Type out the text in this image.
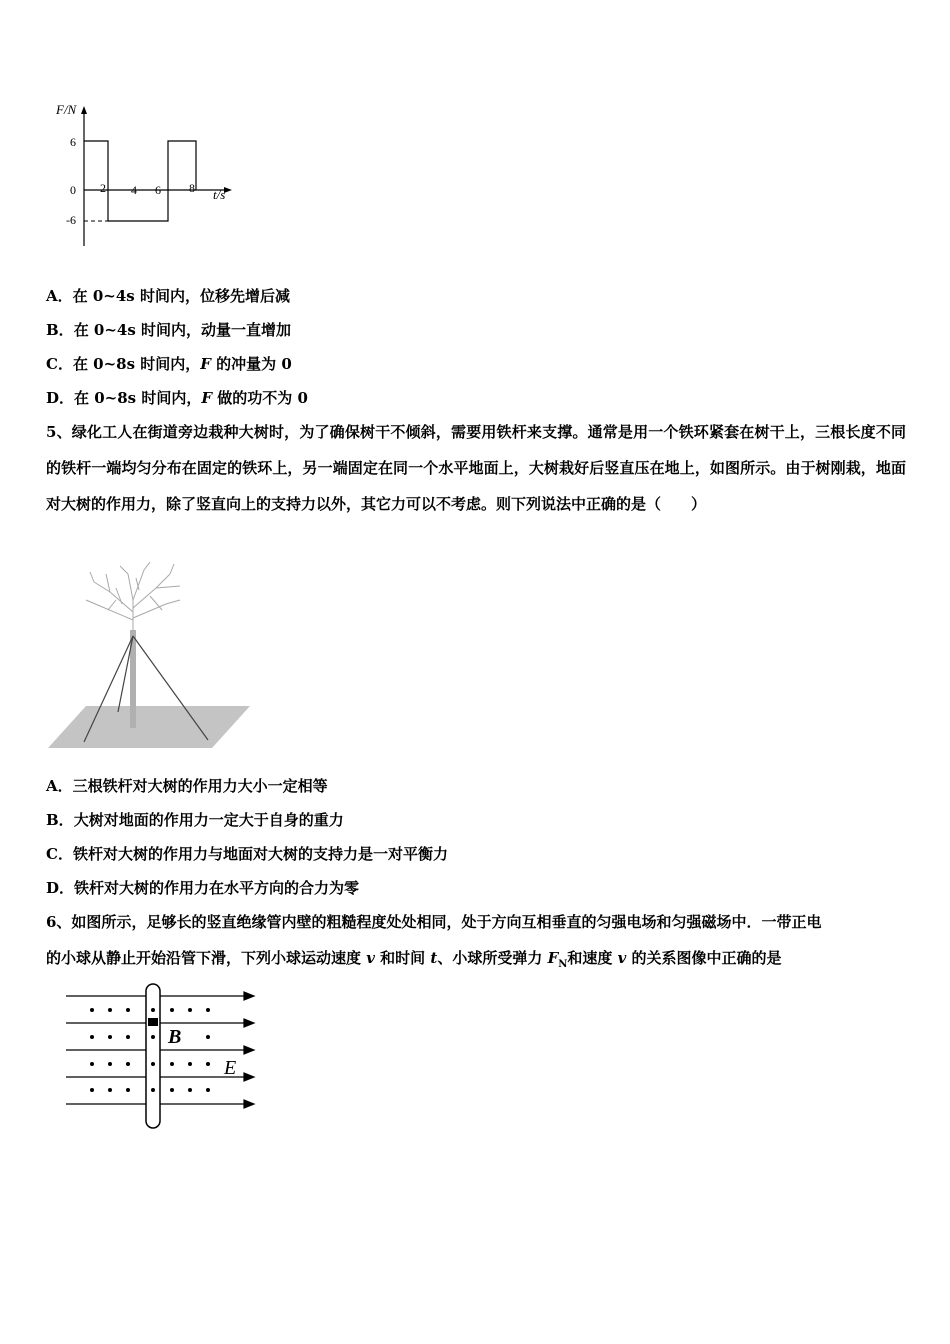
F/N
t/s
6
0
-6
2 4 6 8
A．在 0~4s 时间内，位移先增后减
B．在 0~4s 时间内，动量一直增加
C．在 0~8s 时间内，F 的冲量为 0
D．在 0~8s 时间内，F 做的功不为 0
5、绿化工人在街道旁边栽种大树时，为了确保树干不倾斜，需要用铁杆来支撑。通常是用一个铁环紧套在树干上，三根长度不同的铁杆一端均匀分布在固定的铁环上，另一端固定在同一个水平地面上，大树栽好后竖直压在地上，如图所示。由于树刚栽，地面对大树的作用力，除了竖直向上的支持力以外，其它力可以不考虑。则下列说法中正确的是（　　）
A．三根铁杆对大树的作用力大小一定相等
B．大树对地面的作用力一定大于自身的重力
C．铁杆对大树的作用力与地面对大树的支持力是一对平衡力
D．铁杆对大树的作用力在水平方向的合力为零
6、如图所示，足够长的竖直绝缘管内壁的粗糙程度处处相同，处于方向互相垂直的匀强电场和匀强磁场中．一带正电
的小球从静止开始沿管下滑，下列小球运动速度 v 和时间 t、小球所受弹力 $F_N$和速度 v 的关系图像中正确的是
B
E
